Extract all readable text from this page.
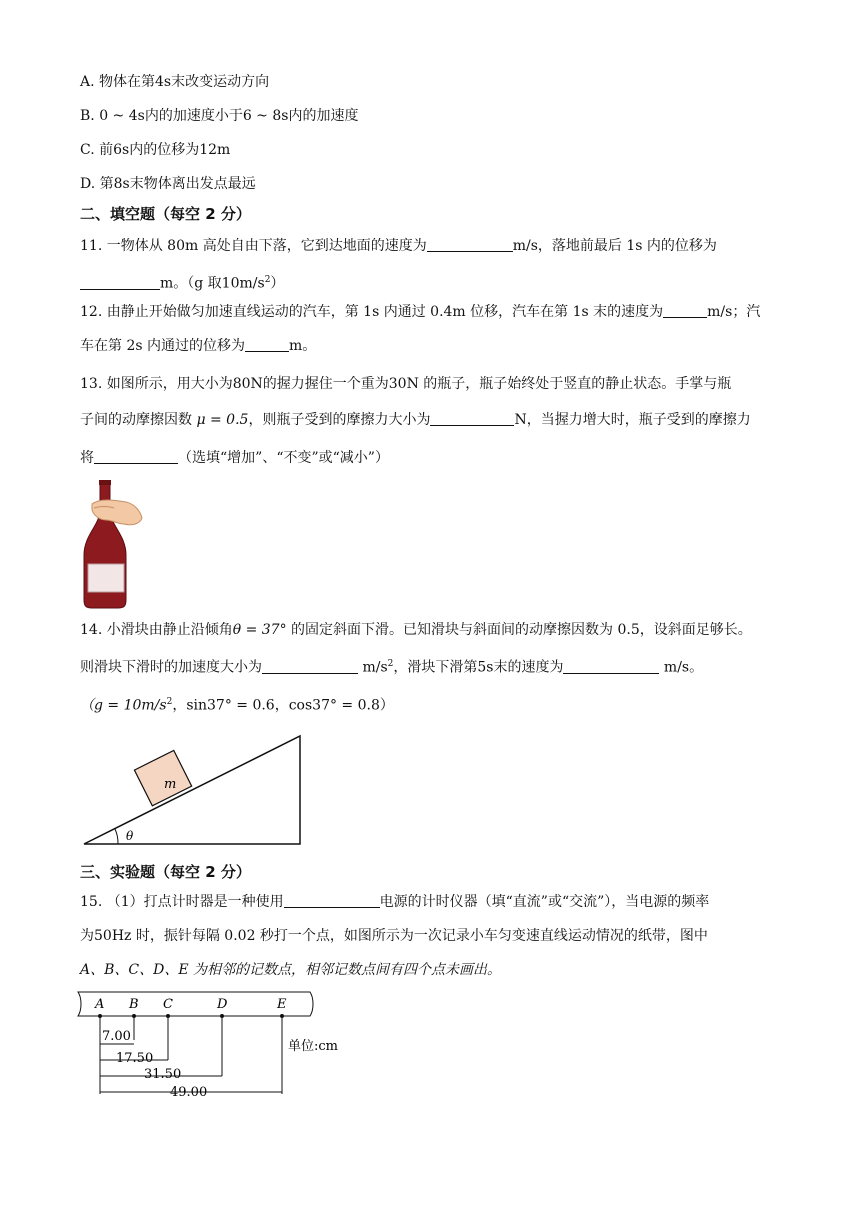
A. 物体在第4s末改变运动方向
B. 0 ~ 4s内的加速度小于6 ~ 8s内的加速度
C. 前6s内的位移为12m
D. 第8s末物体离出发点最远
二、填空题（每空 2 分）
11. 一物体从 80m 高处自由下落，它到达地面的速度为	m/s，落地前最后 1s 内的位移为
m。（g 取$10m/s^2$）
12. 由静止开始做匀加速直线运动的汽车，第 1s 内通过 0.4m 位移，汽车在第 1s 末的速度为	m/s；汽
车在第 2s 内通过的位移为	m。
13. 如图所示，用大小为80N的握力握住一个重为30N 的瓶子，瓶子始终处于竖直的静止状态。手掌与瓶
子间的动摩擦因数 μ = 0.5，则瓶子受到的摩擦力大小为	N，当握力增大时，瓶子受到的摩擦力
将	（选填“增加”、“不变”或“减小”）
14. 小滑块由静止沿倾角θ = 37° 的固定斜面下滑。已知滑块与斜面间的动摩擦因数为 0.5，设斜面足够长。
则滑块下滑时的加速度大小为	$m/s^2$，滑块下滑第5s末的速度为	m/s。
（$g = 10m/s^2$，sin37° = 0.6，cos37° = 0.8）
m
θ
三、实验题（每空 2 分）
15. （1）打点计时器是一种使用	电源的计时仪器（填“直流”或“交流”），当电源的频率
为50Hz 时，振针每隔 0.02 秒打一个点，如图所示为一次记录小车匀变速直线运动情况的纸带，图中
A、B、C、D、E 为相邻的记数点，相邻记数点间有四个点未画出。
A B C	D	E
7.00
17.50
31.50
49.00
单位:cm
